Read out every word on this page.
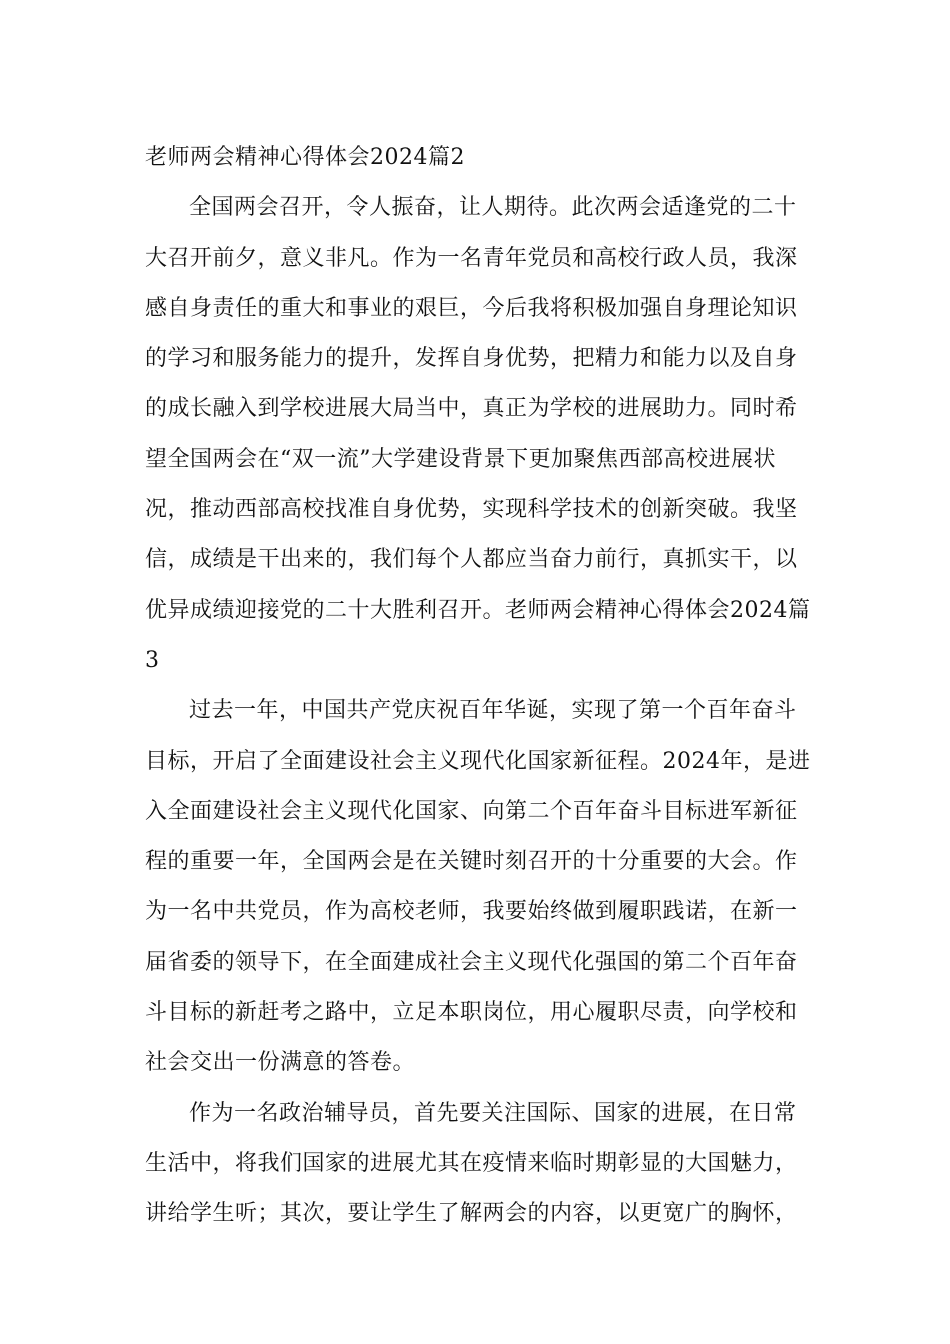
老师两会精神心得体会2024篇2
全国两会召开，令人振奋，让人期待。此次两会适逢党的二十
大召开前夕，意义非凡。作为一名青年党员和高校行政人员，我深
感自身责任的重大和事业的艰巨，今后我将积极加强自身理论知识
的学习和服务能力的提升，发挥自身优势，把精力和能力以及自身
的成长融入到学校进展大局当中，真正为学校的进展助力。同时希
望全国两会在“双一流”大学建设背景下更加聚焦西部高校进展状
况，推动西部高校找准自身优势，实现科学技术的创新突破。我坚
信，成绩是干出来的，我们每个人都应当奋力前行，真抓实干，以
优异成绩迎接党的二十大胜利召开。老师两会精神心得体会2024篇
3
过去一年，中国共产党庆祝百年华诞，实现了第一个百年奋斗
目标，开启了全面建设社会主义现代化国家新征程。2024年，是进
入全面建设社会主义现代化国家、向第二个百年奋斗目标进军新征
程的重要一年，全国两会是在关键时刻召开的十分重要的大会。作
为一名中共党员，作为高校老师，我要始终做到履职践诺，在新一
届省委的领导下，在全面建成社会主义现代化强国的第二个百年奋
斗目标的新赶考之路中，立足本职岗位，用心履职尽责，向学校和
社会交出一份满意的答卷。
作为一名政治辅导员，首先要关注国际、国家的进展，在日常
生活中，将我们国家的进展尤其在疫情来临时期彰显的大国魅力，
讲给学生听；其次，要让学生了解两会的内容，以更宽广的胸怀，
